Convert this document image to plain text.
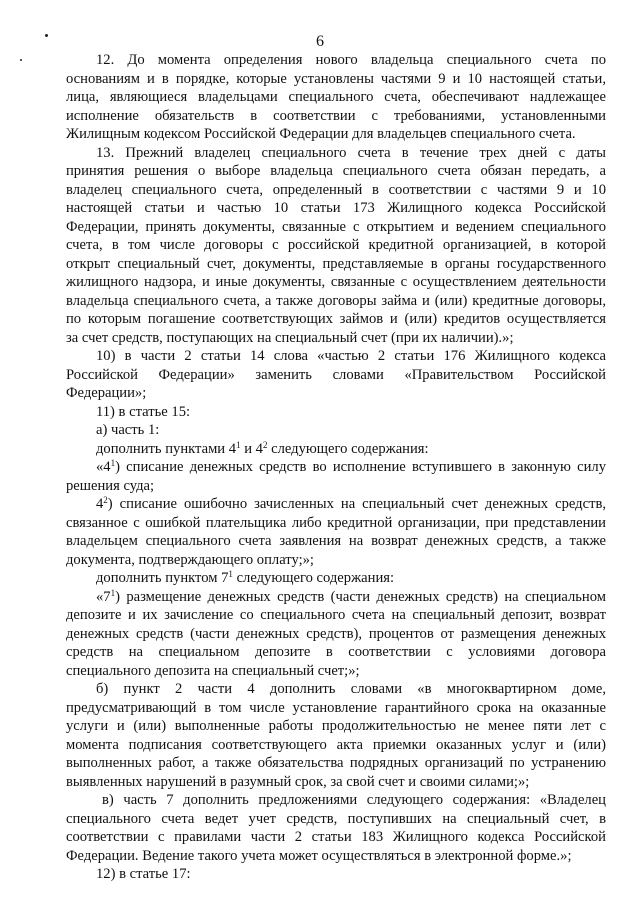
6
12. До момента определения нового владельца специального счета по
основаниям и в порядке, которые установлены частями 9 и 10 настоящей статьи,
лица, являющиеся владельцами специального счета, обеспечивают надлежащее
исполнение обязательств в соответствии с требованиями, установленными
Жилищным кодексом Российской Федерации для владельцев специального счета.
13. Прежний владелец специального счета в течение трех дней с даты
принятия решения о выборе владельца специального счета обязан передать, а
владелец специального счета, определенный в соответствии с частями 9 и 10
настоящей статьи и частью 10 статьи 173 Жилищного кодекса Российской
Федерации, принять документы, связанные с открытием и ведением специального
счета, в том числе договоры с российской кредитной организацией, в которой
открыт специальный счет, документы, представляемые в органы государственного
жилищного надзора, и иные документы, связанные с осуществлением деятельности
владельца специального счета, а также договоры займа и (или) кредитные договоры,
по которым погашение соответствующих займов и (или) кредитов осуществляется
за счет средств, поступающих на специальный счет (при их наличии).»;
10) в части 2 статьи 14 слова «частью 2 статьи 176 Жилищного кодекса
Российской Федерации» заменить словами «Правительством Российской
Федерации»;
11) в статье 15:
а) часть 1:
дополнить пунктами $4^1$ и $4^2$ следующего содержания:
«$4^1$) списание денежных средств во исполнение вступившего в законную силу
решения суда;
$4^2$) списание ошибочно зачисленных на специальный счет денежных средств,
связанное с ошибкой плательщика либо кредитной организации, при представлении
владельцем специального счета заявления на возврат денежных средств, а также
документа, подтверждающего оплату;»;
дополнить пунктом $7^1$ следующего содержания:
«$7^1$) размещение денежных средств (части денежных средств) на специальном
депозите и их зачисление со специального счета на специальный депозит, возврат
денежных средств (части денежных средств), процентов от размещения денежных
средств на специальном депозите в соответствии с условиями договора
специального депозита на специальный счет;»;
б) пункт 2 части 4 дополнить словами «в многоквартирном доме,
предусматривающий в том числе установление гарантийного срока на оказанные
услуги и (или) выполненные работы продолжительностью не менее пяти лет с
момента подписания соответствующего акта приемки оказанных услуг и (или)
выполненных работ, а также обязательства подрядных организаций по устранению
выявленных нарушений в разумный срок, за свой счет и своими силами;»;
в) часть 7 дополнить предложениями следующего содержания: «Владелец
специального счета ведет учет средств, поступивших на специальный счет, в
соответствии с правилами части 2 статьи 183 Жилищного кодекса Российской
Федерации. Ведение такого учета может осуществляться в электронной форме.»;
12) в статье 17:
